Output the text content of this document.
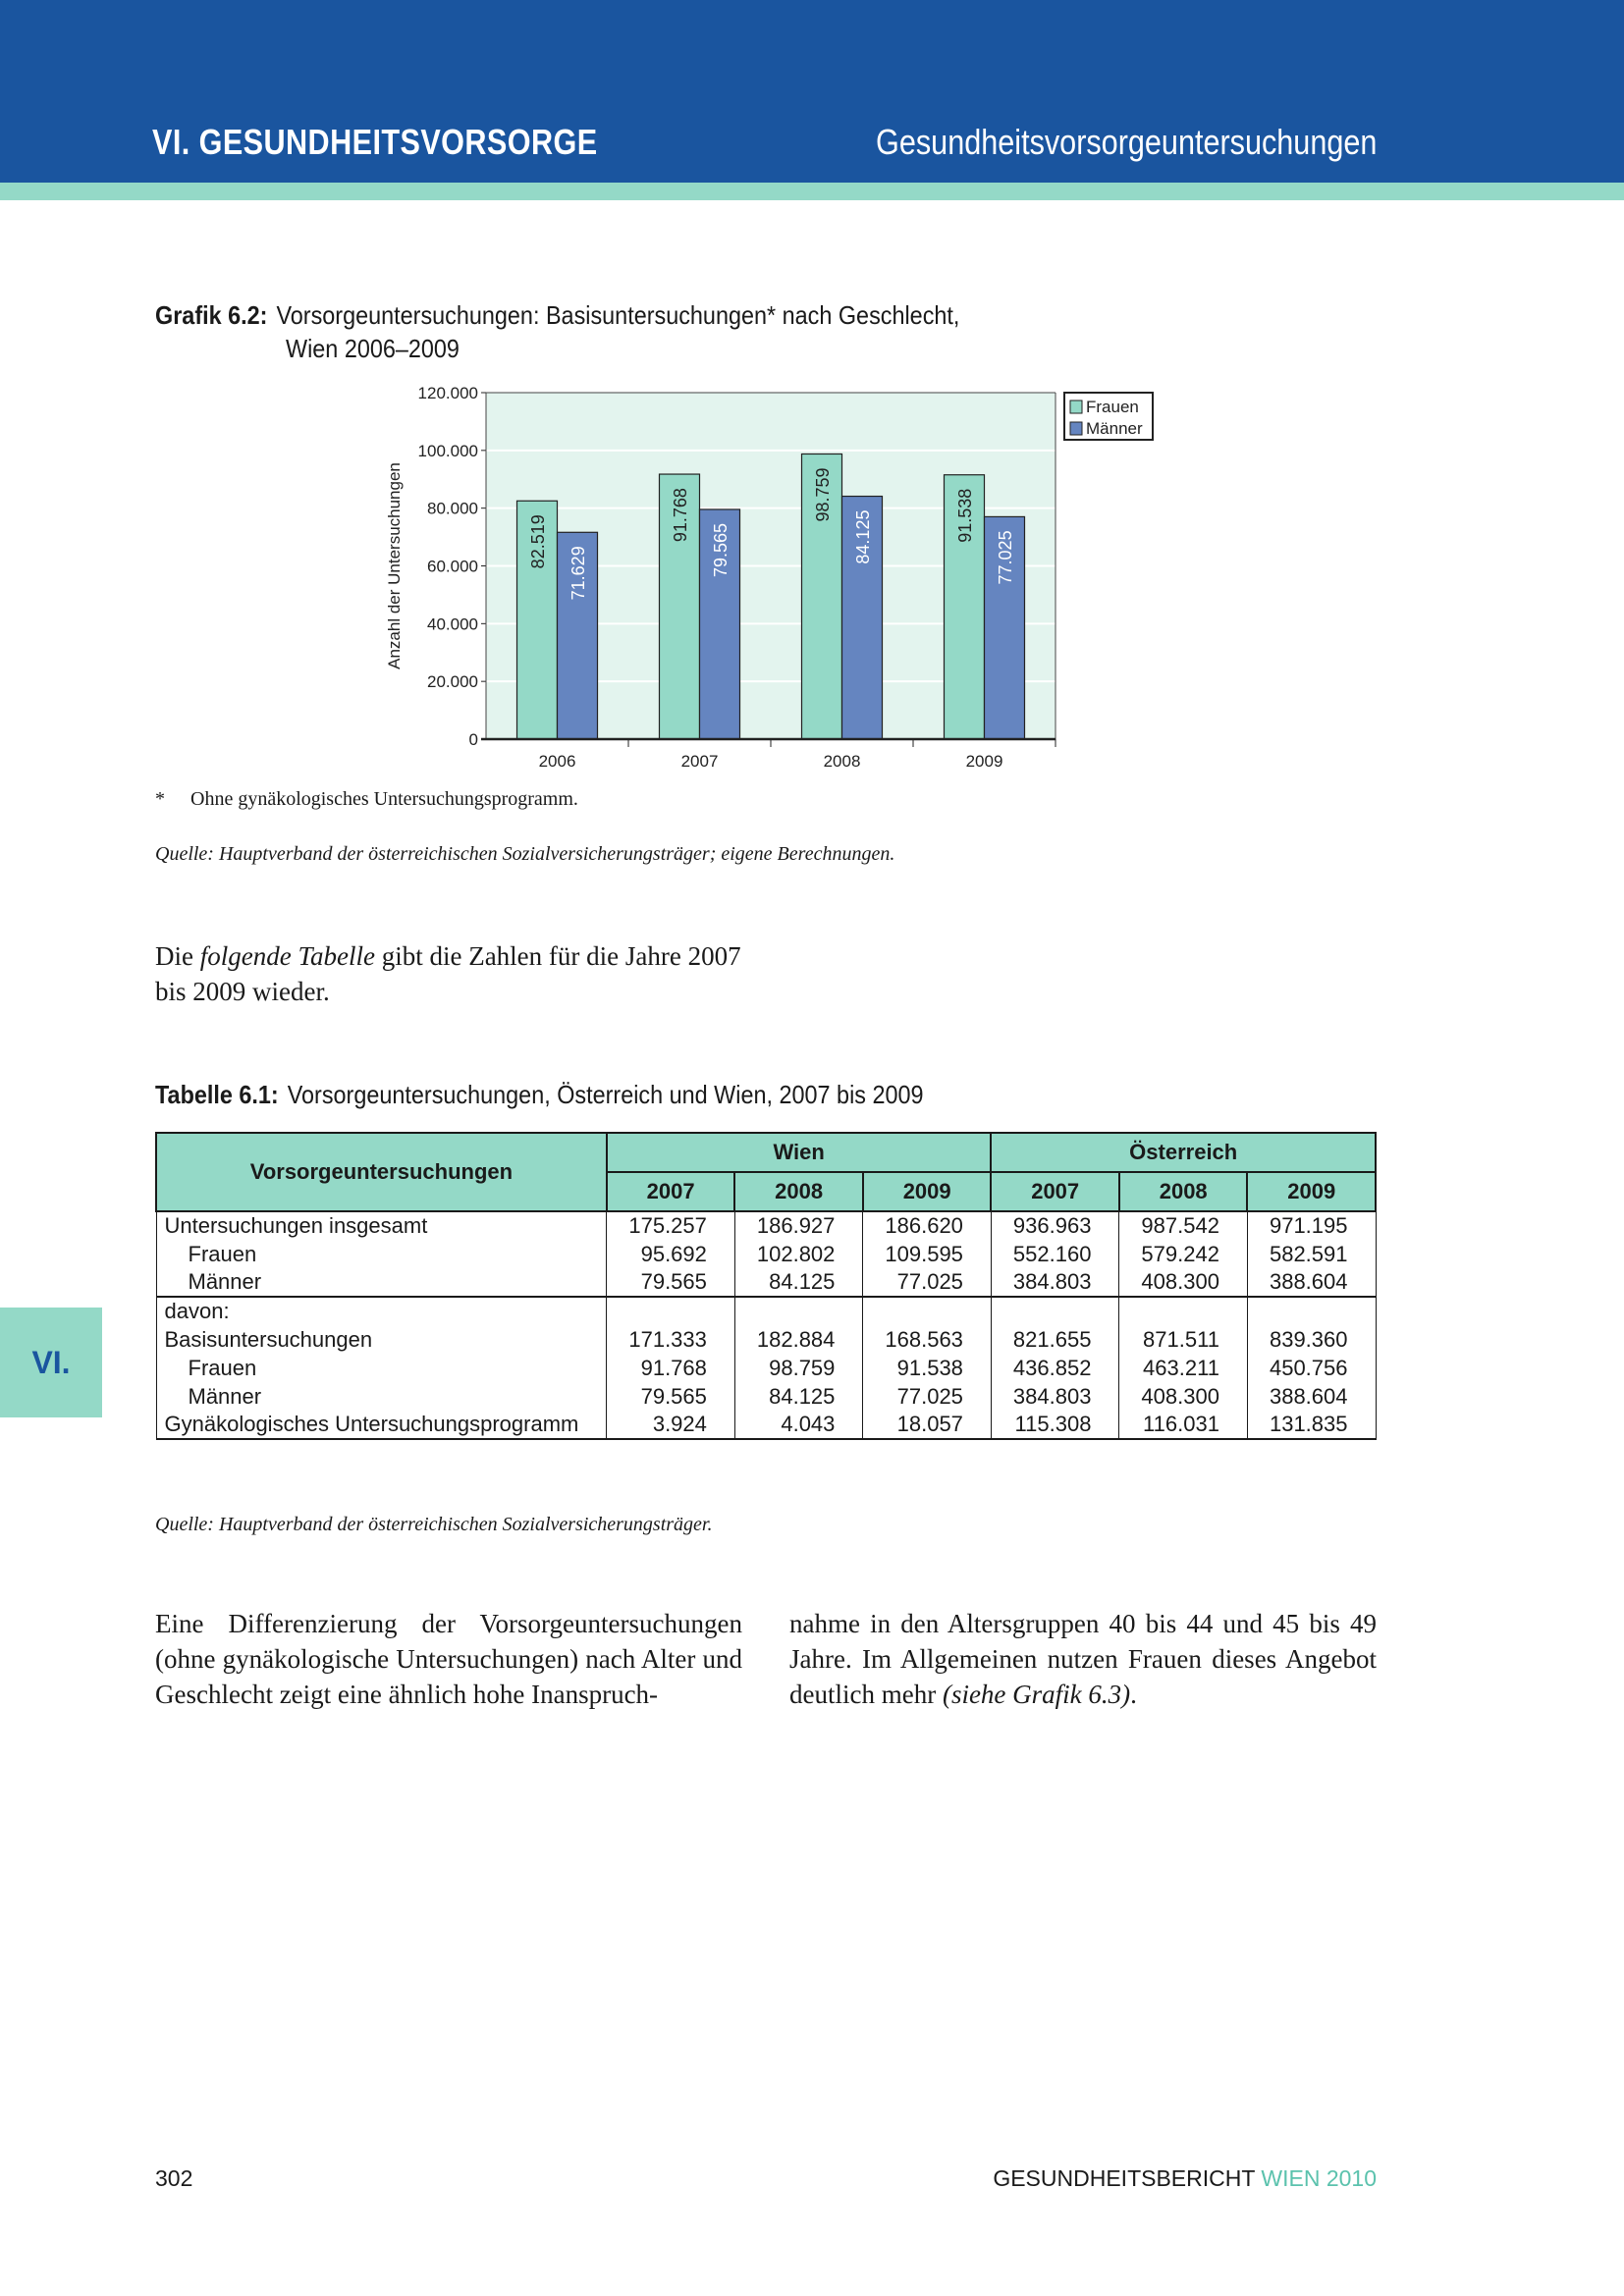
VI. GESUNDHEITSVORSORGE	Gesundheitsvorsorgeuntersuchungen
Grafik 6.2: Vorsorgeuntersuchungen: Basisuntersuchungen* nach Geschlecht,
Wien 2006–2009
0
20.000
40.000
60.000
80.000
100.000
120.000
2006
82.519
71.629
2007
91.768
79.565
2008
98.759
84.125
2009
91.538
77.025
Anzahl der Untersuchungen
Frauen
Männer
* Ohne gynäkologisches Untersuchungsprogramm.
Quelle: Hauptverband der österreichischen Sozialversicherungsträger; eigene Berechnungen.
Die folgende Tabelle gibt die Zahlen für die Jahre 2007
bis 2009 wieder.
Tabelle 6.1: Vorsorgeuntersuchungen, Österreich und Wien, 2007 bis 2009
Vorsorgeuntersuchungen	Wien			Österreich		
	2007	2008	2009	2007	2008	2009
Untersuchungen insgesamt	175.257	186.927	186.620	936.963	987.542	971.195
Frauen	95.692	102.802	109.595	552.160	579.242	582.591
Männer	79.565	84.125	77.025	384.803	408.300	388.604
davon:						
Basisuntersuchungen	171.333	182.884	168.563	821.655	871.511	839.360
Frauen	91.768	98.759	91.538	436.852	463.211	450.756
Männer	79.565	84.125	77.025	384.803	408.300	388.604
Gynäkologisches Untersuchungsprogramm	3.924	4.043	18.057	115.308	116.031	131.835
VI.
Quelle: Hauptverband der österreichischen Sozialversicherungsträger.
Eine Differenzierung der Vorsorgeuntersuchungen (ohne gynäkologische Untersuchungen) nach Alter und Geschlecht zeigt eine ähnlich hohe Inanspruch-
nahme in den Altersgruppen 40 bis 44 und 45 bis 49 Jahre. Im Allgemeinen nutzen Frauen dieses Angebot deutlich mehr (siehe Grafik 6.3).
302	GESUNDHEITSBERICHT WIEN 2010
